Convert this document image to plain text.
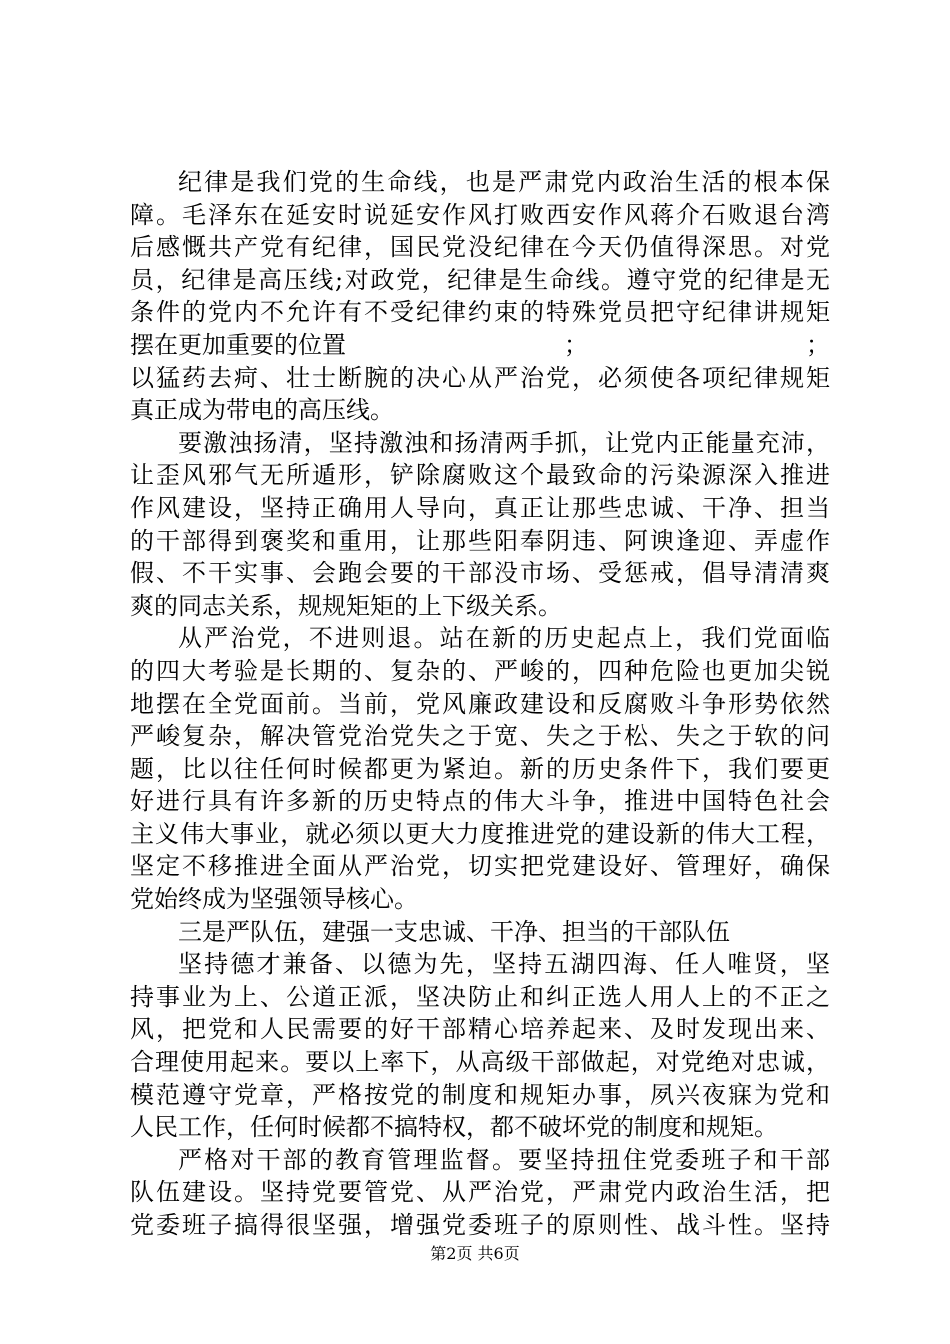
纪律是我们党的生命线，也是严肃党内政治生活的根本保
障。毛泽东在延安时说延安作风打败西安作风蒋介石败退台湾
后感慨共产党有纪律，国民党没纪律在今天仍值得深思。对党
员，纪律是高压线;对政党，纪律是生命线。遵守党的纪律是无
条件的党内不允许有不受纪律约束的特殊党员把守纪律讲规矩
摆在更加重要的位置	；	；
以猛药去疴、壮士断腕的决心从严治党，必须使各项纪律规矩
真正成为带电的高压线。
要激浊扬清，坚持激浊和扬清两手抓，让党内正能量充沛，
让歪风邪气无所遁形，铲除腐败这个最致命的污染源深入推进
作风建设，坚持正确用人导向，真正让那些忠诚、干净、担当
的干部得到褒奖和重用，让那些阳奉阴违、阿谀逢迎、弄虚作
假、不干实事、会跑会要的干部没市场、受惩戒，倡导清清爽
爽的同志关系，规规矩矩的上下级关系。
从严治党，不进则退。站在新的历史起点上，我们党面临
的四大考验是长期的、复杂的、严峻的，四种危险也更加尖锐
地摆在全党面前。当前，党风廉政建设和反腐败斗争形势依然
严峻复杂，解决管党治党失之于宽、失之于松、失之于软的问
题，比以往任何时候都更为紧迫。新的历史条件下，我们要更
好进行具有许多新的历史特点的伟大斗争，推进中国特色社会
主义伟大事业，就必须以更大力度推进党的建设新的伟大工程，
坚定不移推进全面从严治党，切实把党建设好、管理好，确保
党始终成为坚强领导核心。
三是严队伍，建强一支忠诚、干净、担当的干部队伍
坚持德才兼备、以德为先，坚持五湖四海、任人唯贤，坚
持事业为上、公道正派，坚决防止和纠正选人用人上的不正之
风，把党和人民需要的好干部精心培养起来、及时发现出来、
合理使用起来。要以上率下，从高级干部做起，对党绝对忠诚，
模范遵守党章，严格按党的制度和规矩办事，夙兴夜寐为党和
人民工作，任何时候都不搞特权，都不破坏党的制度和规矩。
严格对干部的教育管理监督。要坚持扭住党委班子和干部
队伍建设。坚持党要管党、从严治党，严肃党内政治生活，把
党委班子搞得很坚强，增强党委班子的原则性、战斗性。坚持
第2页 共6页
